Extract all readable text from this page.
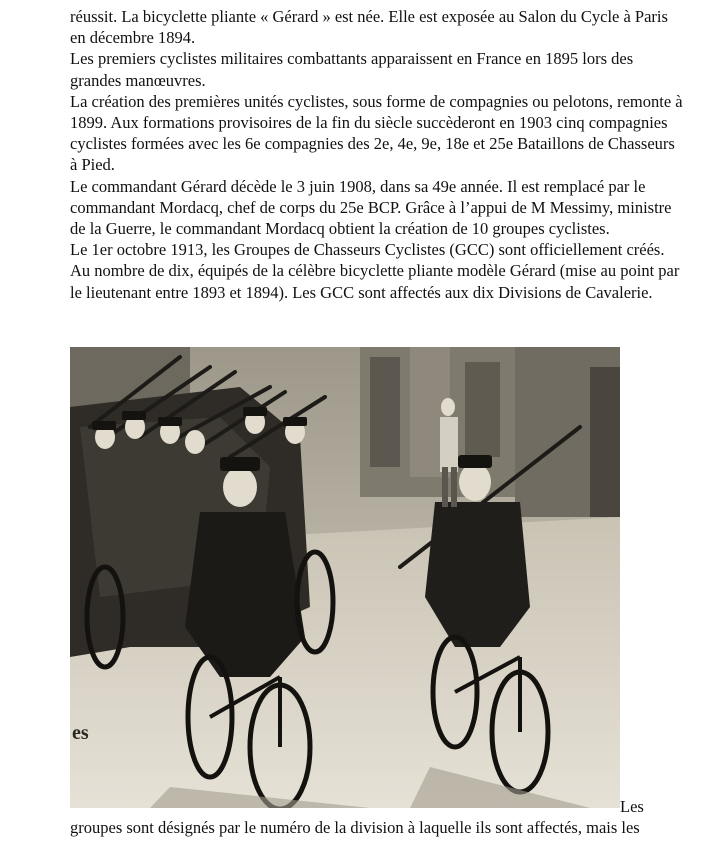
réussit. La bicyclette pliante « Gérard » est née. Elle est exposée au Salon du Cycle à Paris en décembre 1894.

Les premiers cyclistes militaires combattants apparaissent en France en 1895 lors des grandes manœuvres.

La création des premières unités cyclistes, sous forme de compagnies ou pelotons, remonte à 1899. Aux formations provisoires de la fin du siècle succèderont en 1903 cinq compagnies cyclistes formées avec les 6e compagnies des 2e, 4e, 9e, 18e et 25e Bataillons de Chasseurs à Pied.

Le commandant Gérard décède le 3 juin 1908, dans sa 49e année. Il est remplacé par le commandant Mordacq, chef de corps du 25e BCP. Grâce à l’appui de M Messimy, ministre de la Guerre, le commandant Mordacq obtient la création de 10 groupes cyclistes.

Le 1er octobre 1913, les Groupes de Chasseurs Cyclistes (GCC) sont officiellement créés. Au nombre de dix, équipés de la célèbre bicyclette pliante modèle Gérard (mise au point par le lieutenant entre 1893 et 1894). Les GCC sont affectés aux dix Divisions de Cavalerie.

es
Les
groupes sont désignés par le numéro de la division à laquelle ils sont affectés, mais les
